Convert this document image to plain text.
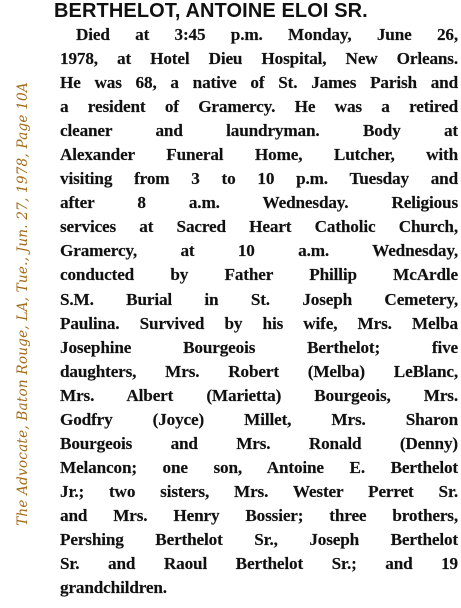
The Advocate, Baton Rouge, LA, Tue., Jun. 27, 1978, Page 10A
BERTHELOT, ANTOINE ELOI SR.
Died at 3:45 p.m. Monday, June 26,
1978, at Hotel Dieu Hospital, New Orleans.
He was 68, a native of St. James Parish and
a resident of Gramercy. He was a retired
cleaner and laundryman. Body at
Alexander Funeral Home, Lutcher, with
visiting from 3 to 10 p.m. Tuesday and
after 8 a.m. Wednesday. Religious
services at Sacred Heart Catholic Church,
Gramercy, at 10 a.m. Wednesday,
conducted by Father Phillip McArdle
S.M. Burial in St. Joseph Cemetery,
Paulina. Survived by his wife, Mrs. Melba
Josephine Bourgeois Berthelot; five
daughters, Mrs. Robert (Melba) LeBlanc,
Mrs. Albert (Marietta) Bourgeois, Mrs.
Godfry (Joyce) Millet, Mrs. Sharon
Bourgeois and Mrs. Ronald (Denny)
Melancon; one son, Antoine E. Berthelot
Jr.; two sisters, Mrs. Wester Perret Sr.
and Mrs. Henry Bossier; three brothers,
Pershing Berthelot Sr., Joseph Berthelot
Sr. and Raoul Berthelot Sr.; and 19
grandchildren.
